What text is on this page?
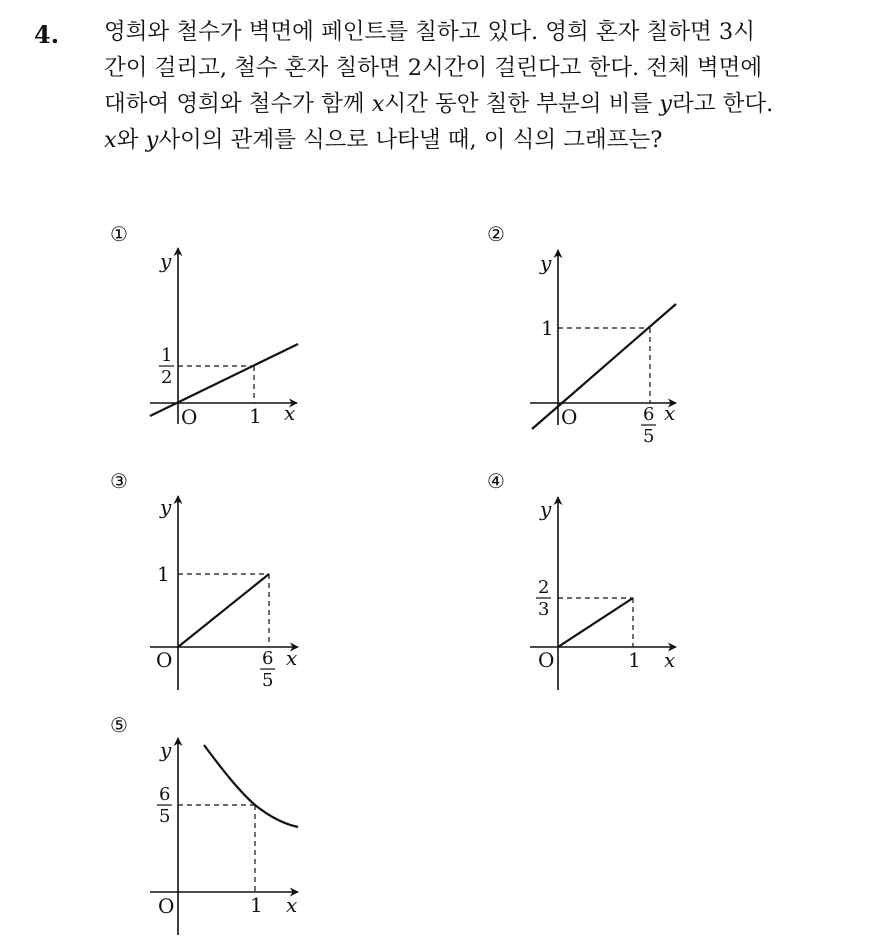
4. 영희와 철수가 벽면에 페인트를 칠하고 있다. 영희 혼자 칠하면 3시
간이 걸리고, 철수 혼자 칠하면 2시간이 걸린다고 한다. 전체 벽면에
대하여 영희와 철수가 함께 x시간 동안 칠한 부분의 비를 y라고 한다.
x와 y사이의 관계를 식으로 나타낼 때, 이 식의 그래프는?
①
y
x
O	1
1
2
②
y
x
O
1
6
5
③
y
x
O
1
6
5
④
y
x
O	1
2
3
⑤
y
x
O	1
6
5
